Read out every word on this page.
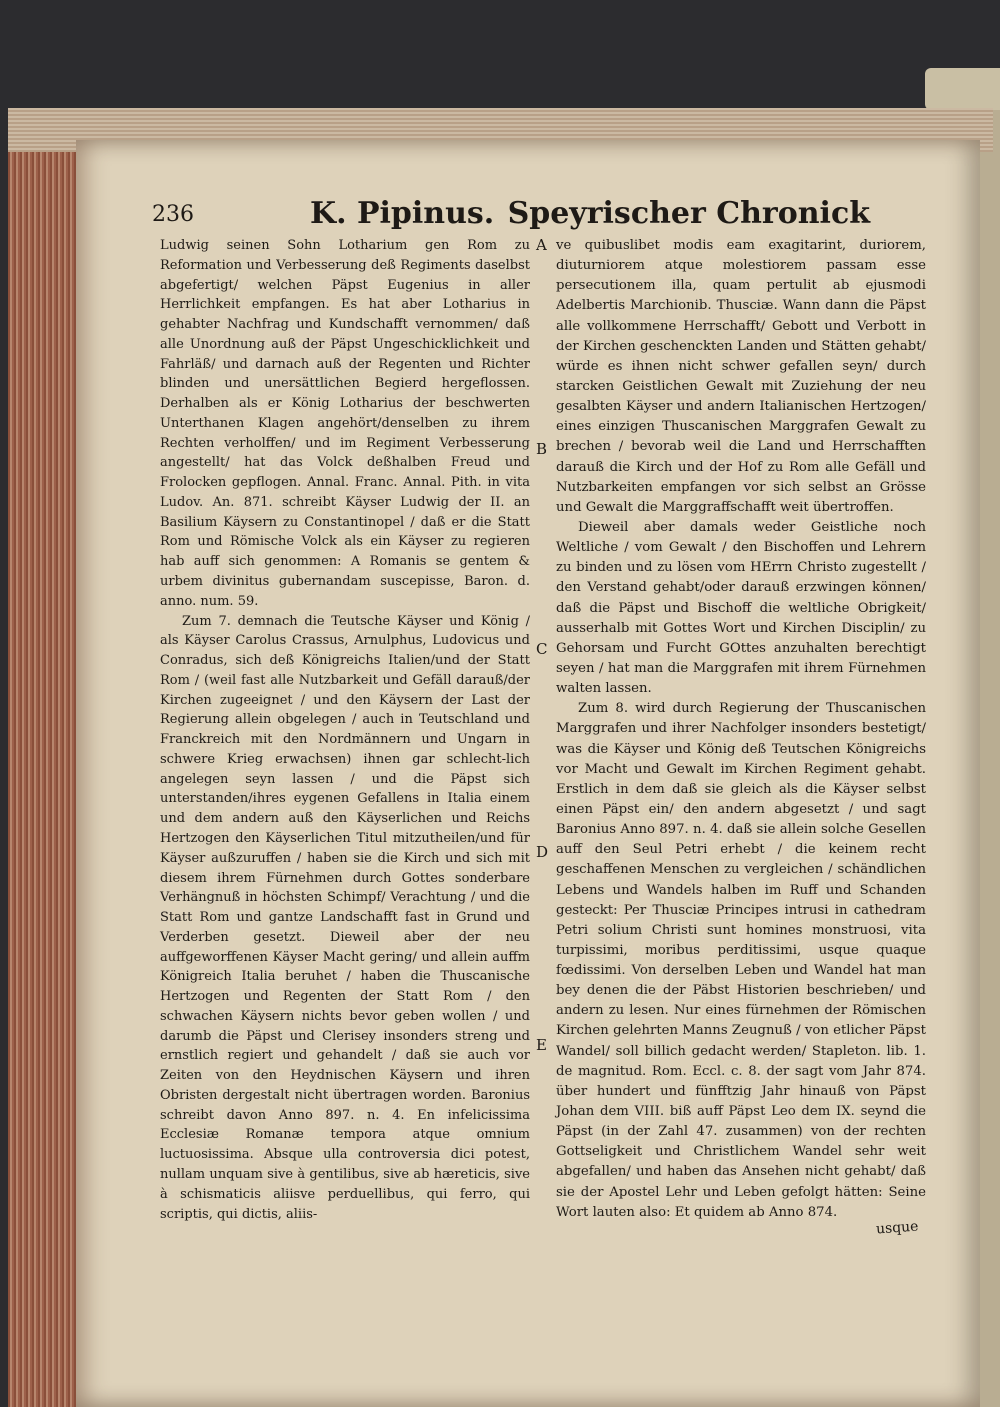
236	K. Pipinus. Speyrischer Chronick

Ludwig seinen Sohn Lotharium gen Rom zu Reformation und Verbesserung deß Regiments daselbst abgefertigt/ welchen Päpst Eugenius in aller Herrlichkeit empfangen. Es hat aber Lotharius in gehabter Nachfrag und Kundschafft vernommen/ daß alle Unordnung auß der Päpst Ungeschicklichkeit und Fahrläß/ und darnach auß der Regenten und Richter blinden und unersättlichen Begierd hergeflossen. Derhalben als er König Lotharius der beschwerten Unterthanen Klagen angehört/denselben zu ihrem Rechten verholffen/ und im Regiment Verbesserung angestellt/ hat das Volck deßhalben Freud und Frolocken gepflogen. Annal. Franc. Annal. Pith. in vita Ludov. An. 871. schreibt Käyser Ludwig der II. an Basilium Käysern zu Constantinopel / daß er die Statt Rom und Römische Volck als ein Käyser zu regieren hab auff sich genommen: A Romanis se gentem & urbem divinitus gubernandam suscepisse, Baron. d. anno. num. 59.

Zum 7. demnach die Teutsche Käyser und König / als Käyser Carolus Crassus, Arnulphus, Ludovicus und Conradus, sich deß Königreichs Italien/und der Statt Rom / (weil fast alle Nutzbarkeit und Gefäll darauß/der Kirchen zugeeignet / und den Käysern der Last der Regierung allein obgelegen / auch in Teutschland und Franckreich mit den Nordmännern und Ungarn in schwere Krieg erwachsen) ihnen gar schlecht-lich angelegen seyn lassen / und die Päpst sich unterstanden/ihres eygenen Gefallens in Italia einem und dem andern auß den Käyserlichen und Reichs Hertzogen den Käyserlichen Titul mitzutheilen/und für Käyser außzuruffen / haben sie die Kirch und sich mit diesem ihrem Fürnehmen durch Gottes sonderbare Verhängnuß in höchsten Schimpf/ Verachtung / und die Statt Rom und gantze Landschafft fast in Grund und Verderben gesetzt. Dieweil aber der neu auffgeworffenen Käyser Macht gering/ und allein auffm Königreich Italia beruhet / haben die Thuscanische Hertzogen und Regenten der Statt Rom / den schwachen Käysern nichts bevor geben wollen / und darumb die Päpst und Clerisey insonders streng und ernstlich regiert und gehandelt / daß sie auch vor Zeiten von den Heydnischen Käysern und ihren Obristen dergestalt nicht übertragen worden. Baronius schreibt davon Anno 897. n. 4. En infelicissima Ecclesiæ Romanæ tempora atque omnium luctuosissima. Absque ulla controversia dici potest, nullam unquam sive à gentilibus, sive ab hæreticis, sive à schismaticis aliisve perduellibus, qui ferro, qui scriptis, qui dictis, aliis-

ve quibuslibet modis eam exagitarint, duriorem, diuturniorem atque molestiorem passam esse persecutionem illa, quam pertulit ab ejusmodi Adelbertis Marchionib. Thusciæ. Wann dann die Päpst alle vollkommene Herrschafft/ Gebott und Verbott in der Kirchen geschenckten Landen und Stätten gehabt/ würde es ihnen nicht schwer gefallen seyn/ durch starcken Geistlichen Gewalt mit Zuziehung der neu gesalbten Käyser und andern Italianischen Hertzogen/ eines einzigen Thuscanischen Marggrafen Gewalt zu brechen / bevorab weil die Land und Herrschafften darauß die Kirch und der Hof zu Rom alle Gefäll und Nutzbarkeiten empfangen vor sich selbst an Grösse und Gewalt die Marggraffschafft weit übertroffen.

Dieweil aber damals weder Geistliche noch Weltliche / vom Gewalt / den Bischoffen und Lehrern zu binden und zu lösen vom HErrn Christo zugestellt / den Verstand gehabt/oder darauß erzwingen können/ daß die Päpst und Bischoff die weltliche Obrigkeit/ ausserhalb mit Gottes Wort und Kirchen Disciplin/ zu Gehorsam und Furcht GOttes anzuhalten berechtigt seyen / hat man die Marggrafen mit ihrem Fürnehmen walten lassen.

Zum 8. wird durch Regierung der Thuscanischen Marggrafen und ihrer Nachfolger insonders bestetigt/ was die Käyser und König deß Teutschen Königreichs vor Macht und Gewalt im Kirchen Regiment gehabt. Erstlich in dem daß sie gleich als die Käyser selbst einen Päpst ein/ den andern abgesetzt / und sagt Baronius Anno 897. n. 4. daß sie allein solche Gesellen auff den Seul Petri erhebt / die keinem recht geschaffenen Menschen zu vergleichen / schändlichen Lebens und Wandels halben im Ruff und Schanden gesteckt: Per Thusciæ Principes intrusi in cathedram Petri solium Christi sunt homines monstruosi, vita turpissimi, moribus perditissimi, usque quaque fœdissimi. Von derselben Leben und Wandel hat man bey denen die der Päbst Historien beschrieben/ und andern zu lesen. Nur eines fürnehmen der Römischen Kirchen gelehrten Manns Zeugnuß / von etlicher Päpst Wandel/ soll billich gedacht werden/ Stapleton. lib. 1. de magnitud. Rom. Eccl. c. 8. der sagt vom Jahr 874. über hundert und fünfftzig Jahr hinauß von Päpst Johan dem VIII. biß auff Päpst Leo dem IX. seynd die Päpst (in der Zahl 47. zusammen) von der rechten Gottseligkeit und Christlichem Wandel sehr weit abgefallen/ und haben das Ansehen nicht gehabt/ daß sie der Apostel Lehr und Leben gefolgt hätten: Seine Wort lauten also: Et quidem ab Anno 874.

A
B
C
D
E
usque
